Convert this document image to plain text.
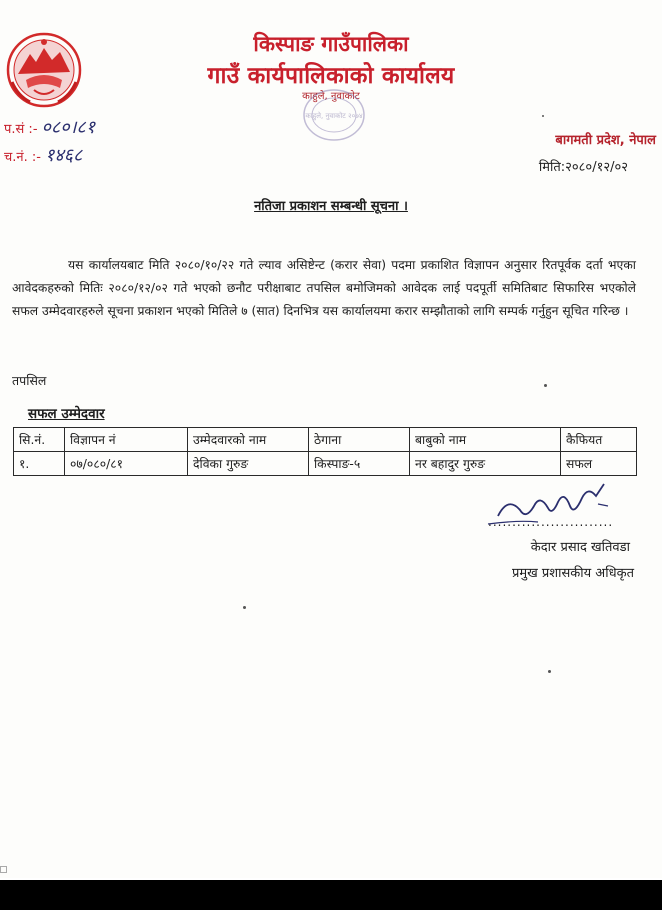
किस्पाङ गाउँपालिका
गाउँ कार्यपालिकाको कार्यालय
काहुले, नुवाकोट
काहुले, नुवाकोट २०७४
प.सं :- ०८०।८१
च.नं. :- १४६८
बागमती प्रदेश, नेपाल
मिति:२०८०/१२/०२
नतिजा प्रकाशन सम्बन्धी सूचना ।
यस कार्यालयबाट मिति २०८०/१०/२२ गते ल्याव असिष्टेन्ट (करार सेवा) पदमा प्रकाशित विज्ञापन अनुसार रितपूर्वक दर्ता भएका आवेदकहरुको मितिः २०८०/१२/०२ गते भएको छनौट परीक्षाबाट तपसिल बमोजिमको आवेदक लाई पदपूर्ती समितिबाट सिफारिस भएकोले सफल उम्मेदवारहरुले सूचना प्रकाशन भएको मितिले ७ (सात) दिनभित्र यस कार्यालयमा करार सम्झौताको लागि सम्पर्क गर्नुहुन सूचित गरिन्छ ।
तपसिल
सफल उम्मेदवार
सि.नं.	विज्ञापन नं	उम्मेदवारको नाम	ठेगाना	बाबुको नाम	कैफियत
१.	०७/०८०/८१	देविका गुरुङ	किस्पाङ-५	नर बहादुर गुरुङ	सफल
..........................
केदार प्रसाद खतिवडा
प्रमुख प्रशासकीय अधिकृत
